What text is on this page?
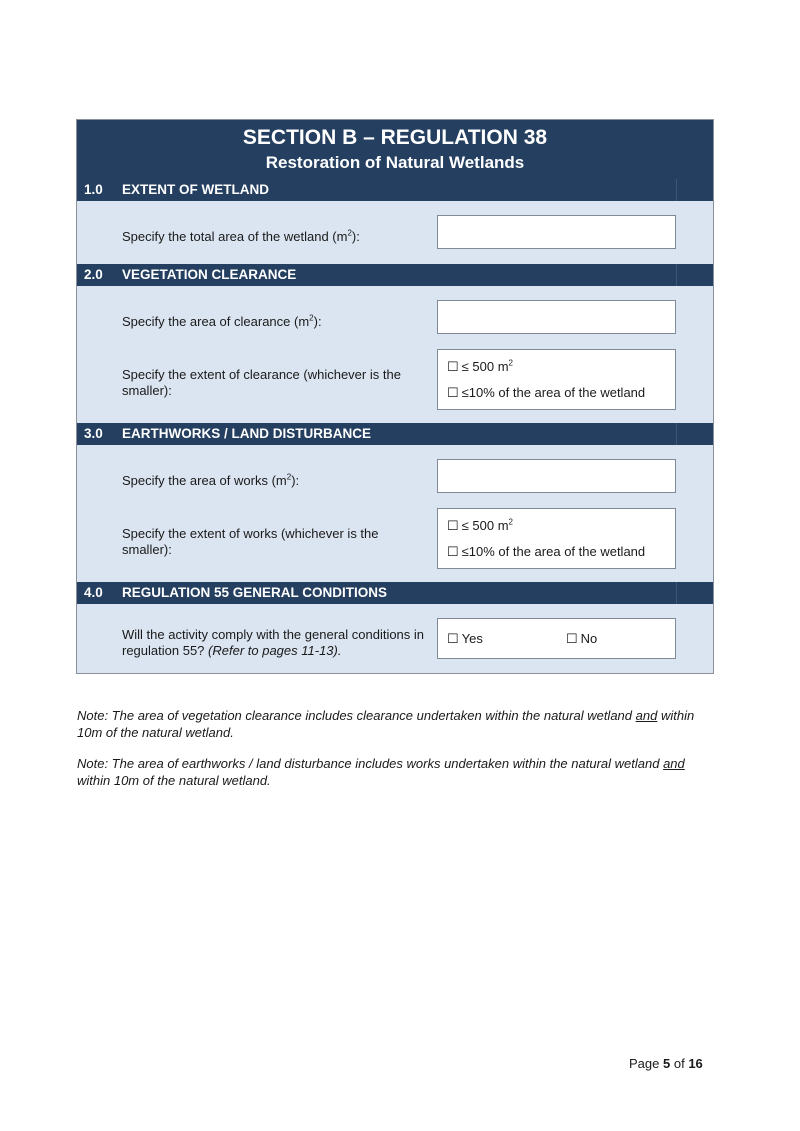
SECTION B – REGULATION 38
Restoration of Natural Wetlands
1.0	EXTENT OF WETLAND
Specify the total area of the wetland $(m^2)$:
2.0	VEGETATION CLEARANCE
Specify the area of clearance $(m^2)$:
Specify the extent of clearance (whichever is the smaller):
☐ ≤ 500 $m^2$
☐ ≤10% of the area of the wetland
3.0	EARTHWORKS / LAND DISTURBANCE
Specify the area of works $(m^2)$:
Specify the extent of works (whichever is the smaller):
☐ ≤ 500 $m^2$
☐ ≤10% of the area of the wetland
4.0	REGULATION 55 GENERAL CONDITIONS
Will the activity comply with the general conditions in regulation 55? (Refer to pages 11-13).
☐ Yes	☐ No

Note: The area of vegetation clearance includes clearance undertaken within the natural wetland and within 10m of the natural wetland.

Note: The area of earthworks / land disturbance includes works undertaken within the natural wetland and within 10m of the natural wetland.

Page 5 of 16
